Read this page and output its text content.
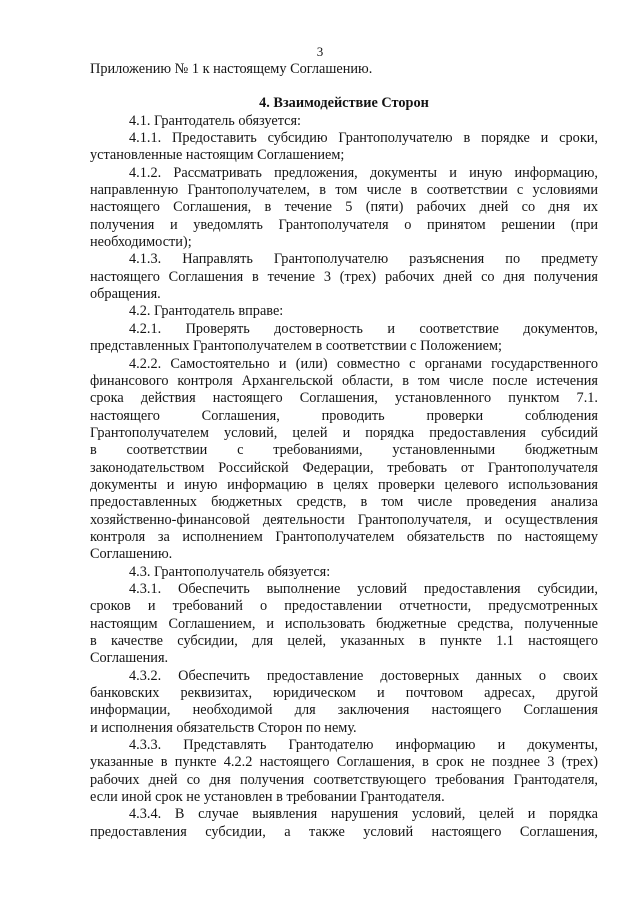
3
Приложению № 1 к настоящему Соглашению.
4. Взаимодействие Сторон
4.1. Грантодатель обязуется:
4.1.1. Предоставить субсидию Грантополучателю в порядке и сроки,
установленные настоящим Соглашением;
4.1.2. Рассматривать предложения, документы и иную информацию,
направленную Грантополучателем, в том числе в соответствии с условиями
настоящего Соглашения, в течение 5 (пяти) рабочих дней со дня их
получения и уведомлять Грантополучателя о принятом решении (при
необходимости);
4.1.3. Направлять Грантополучателю разъяснения по предмету
настоящего Соглашения в течение 3 (трех) рабочих дней со дня получения
обращения.
4.2. Грантодатель вправе:
4.2.1. Проверять достоверность и соответствие документов,
представленных Грантополучателем в соответствии с Положением;
4.2.2. Самостоятельно и (или) совместно с органами государственного
финансового контроля Архангельской области, в том числе после истечения
срока действия настоящего Соглашения, установленного пунктом 7.1.
настоящего Соглашения, проводить проверки соблюдения
Грантополучателем условий, целей и порядка предоставления субсидий
в соответствии с требованиями, установленными бюджетным
законодательством Российской Федерации, требовать от Грантополучателя
документы и иную информацию в целях проверки целевого использования
предоставленных бюджетных средств, в том числе проведения анализа
хозяйственно-финансовой деятельности Грантополучателя, и осуществления
контроля за исполнением Грантополучателем обязательств по настоящему
Соглашению.
4.3. Грантополучатель обязуется:
4.3.1. Обеспечить выполнение условий предоставления субсидии,
сроков и требований о предоставлении отчетности, предусмотренных
настоящим Соглашением, и использовать бюджетные средства, полученные
в качестве субсидии, для целей, указанных в пункте 1.1 настоящего
Соглашения.
4.3.2. Обеспечить предоставление достоверных данных о своих
банковских реквизитах, юридическом и почтовом адресах, другой
информации, необходимой для заключения настоящего Соглашения
и исполнения обязательств Сторон по нему.
4.3.3. Представлять Грантодателю информацию и документы,
указанные в пункте 4.2.2 настоящего Соглашения, в срок не позднее 3 (трех)
рабочих дней со дня получения соответствующего требования Грантодателя,
если иной срок не установлен в требовании Грантодателя.
4.3.4. В случае выявления нарушения условий, целей и порядка
предоставления субсидии, а также условий настоящего Соглашения,
